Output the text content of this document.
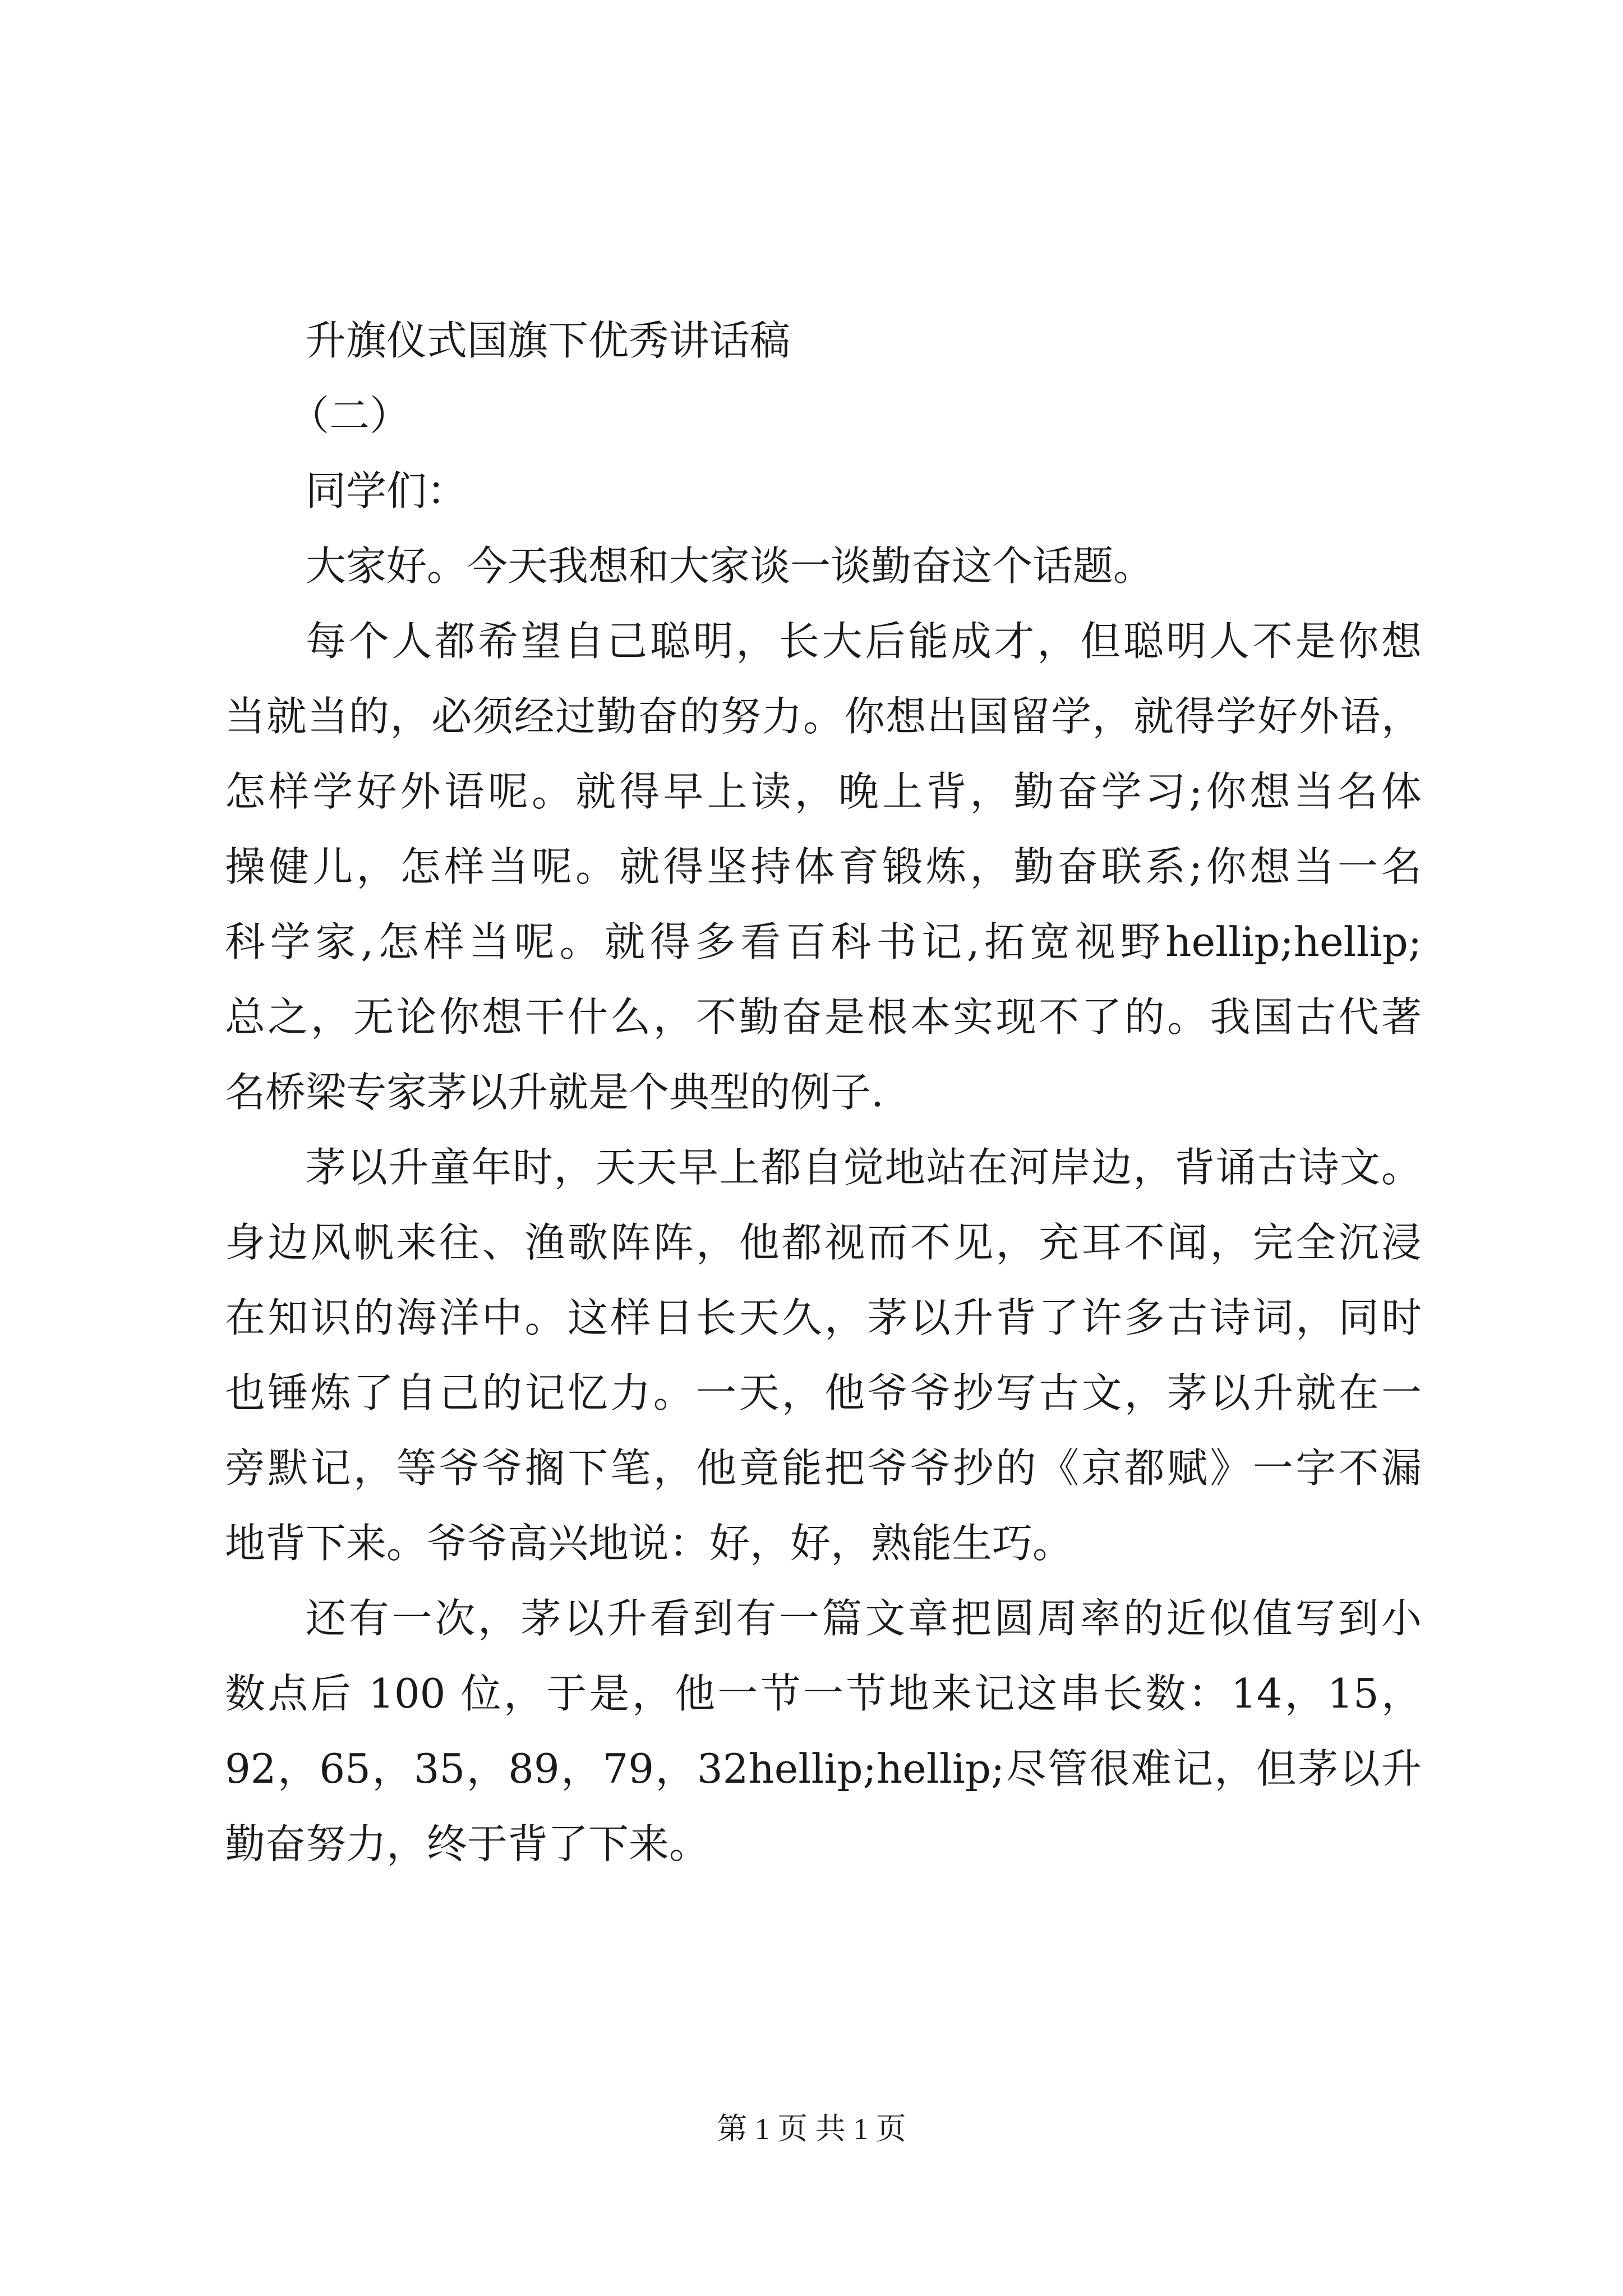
升旗仪式国旗下优秀讲话稿

（二）

同学们：

大家好。今天我想和大家谈一谈勤奋这个话题。

每个人都希望自己聪明，长大后能成才，但聪明人不是你想

当就当的，必须经过勤奋的努力。你想出国留学，就得学好外语，

怎样学好外语呢。就得早上读，晚上背，勤奋学习;你想当名体

操健儿，怎样当呢。就得坚持体育锻炼，勤奋联系;你想当一名

科学家,怎样当呢。就得多看百科书记,拓宽视野hellip;hellip;

总之，无论你想干什么，不勤奋是根本实现不了的。我国古代著

名桥梁专家茅以升就是个典型的例子.

茅以升童年时，天天早上都自觉地站在河岸边，背诵古诗文。

身边风帆来往、渔歌阵阵，他都视而不见，充耳不闻，完全沉浸

在知识的海洋中。这样日长天久，茅以升背了许多古诗词，同时

也锤炼了自己的记忆力。一天，他爷爷抄写古文，茅以升就在一

旁默记，等爷爷搁下笔，他竟能把爷爷抄的《京都赋》一字不漏

地背下来。爷爷高兴地说：好，好，熟能生巧。

还有一次，茅以升看到有一篇文章把圆周率的近似值写到小

数点后 100 位，于是，他一节一节地来记这串长数：14，15，

92，65，35，89，79，32hellip;hellip;尽管很难记，但茅以升

勤奋努力，终于背了下来。

第 1 页 共 1 页
